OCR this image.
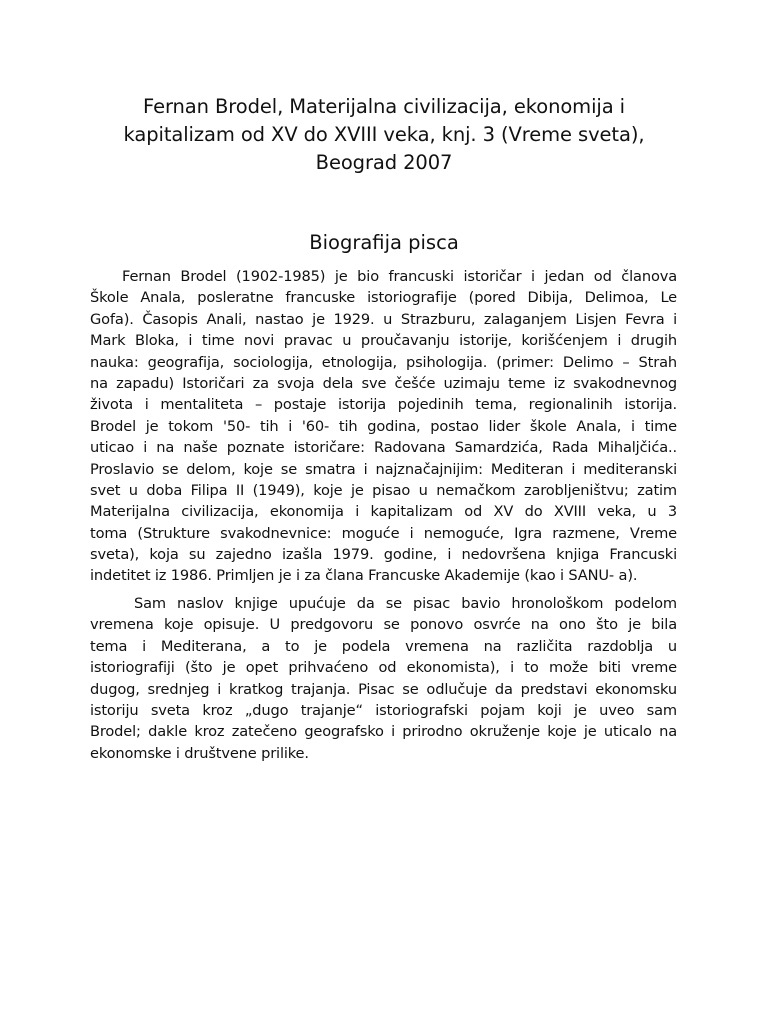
Fernan Brodel, Materijalna civilizacija, ekonomija i
kapitalizam od XV do XVIII veka, knj. 3 (Vreme sveta),
Beograd 2007
Biografija pisca
Fernan Brodel (1902-1985) je bio francuski istoričar i jedan od članova
Škole Anala, posleratne francuske istoriografije (pored Dibija, Delimoa, Le
Gofa). Časopis Anali, nastao je 1929. u Strazburu, zalaganjem Lisjen Fevra i
Mark Bloka, i time novi pravac u proučavanju istorije, korišćenjem i drugih
nauka: geografija, sociologija, etnologija, psihologija. (primer: Delimo – Strah
na zapadu) Istoričari za svoja dela sve češće uzimaju teme iz svakodnevnog
života i mentaliteta – postaje istorija pojedinih tema, regionalinih istorija.
Brodel je tokom '50- tih i '60- tih godina, postao lider škole Anala, i time
uticao i na naše poznate istoričare: Radovana Samardzića, Rada Mihaljčića..
Proslavio se delom, koje se smatra i najznačajnijim: Mediteran i mediteranski
svet u doba Filipa II (1949), koje je pisao u nemačkom zarobljeništvu; zatim
Materijalna civilizacija, ekonomija i kapitalizam od XV do XVIII veka, u 3
toma (Strukture svakodnevnice: moguće i nemoguće, Igra razmene, Vreme
sveta), koja su zajedno izašla 1979. godine, i nedovršena knjiga Francuski
indetitet iz 1986. Primljen je i za člana Francuske Akademije (kao i SANU- a).
Sam naslov knjige upućuje da se pisac bavio hronološkom podelom
vremena koje opisuje. U predgovoru se ponovo osvrće na ono što je bila
tema i Mediterana, a to je podela vremena na različita razdoblja u
istoriografiji (što je opet prihvaćeno od ekonomista), i to može biti vreme
dugog, srednjeg i kratkog trajanja. Pisac se odlučuje da predstavi ekonomsku
istoriju sveta kroz „dugo trajanje“ istoriografski pojam koji je uveo sam
Brodel; dakle kroz zatečeno geografsko i prirodno okruženje koje je uticalo na
ekonomske i društvene prilike.
